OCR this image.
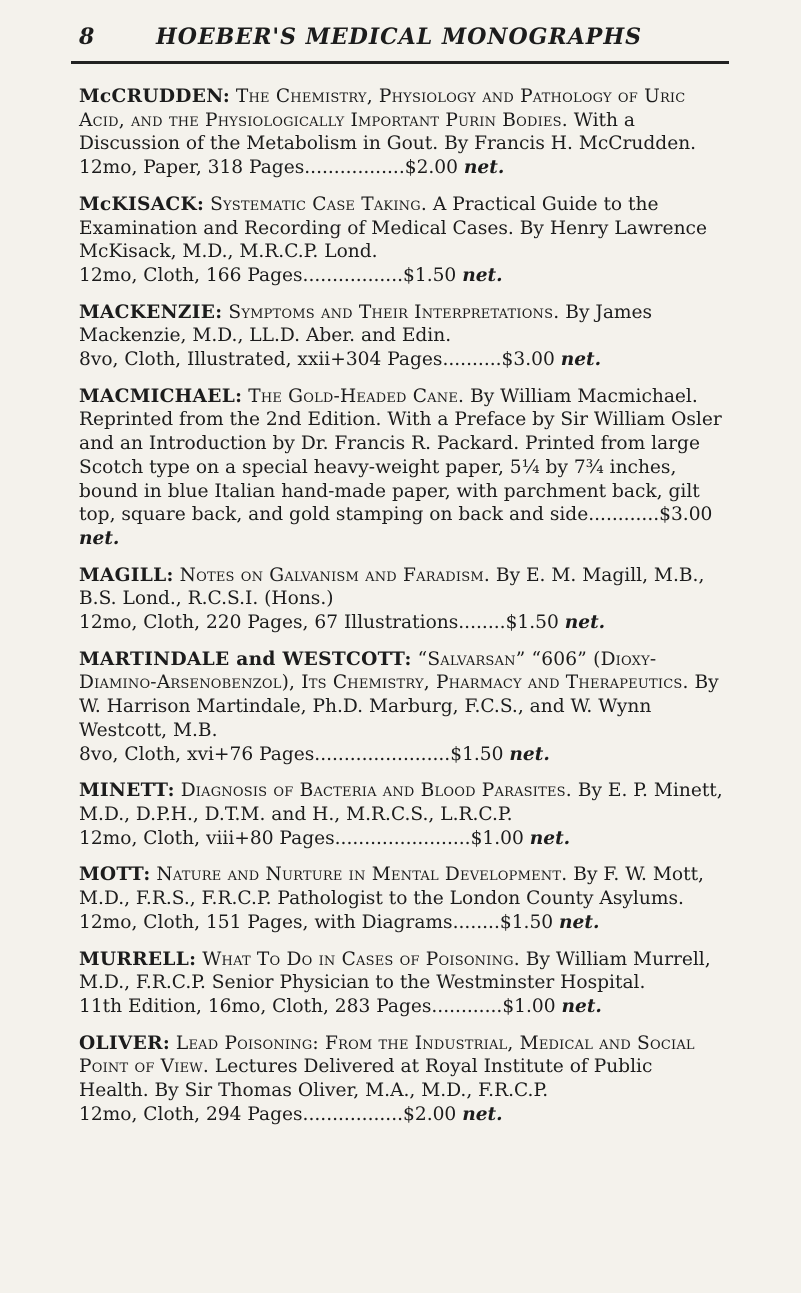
8	HOEBER'S MEDICAL MONOGRAPHS

McCRUDDEN: The Chemistry, Physiology and Pathology of Uric Acid, and the Physiologically Important Purin Bodies. With a Discussion of the Metabolism in Gout. By Francis H. McCrudden.

12mo, Paper, 318 Pages.................$2.00 net.

McKISACK: Systematic Case Taking. A Practical Guide to the Examination and Recording of Medical Cases. By Henry Lawrence McKisack, M.D., M.R.C.P. Lond.

12mo, Cloth, 166 Pages.................$1.50 net.

MACKENZIE: Symptoms and Their Interpretations. By James Mackenzie, M.D., LL.D. Aber. and Edin.

8vo, Cloth, Illustrated, xxii+304 Pages..........$3.00 net.

MACMICHAEL: The Gold-Headed Cane. By William Macmichael. Reprinted from the 2nd Edition. With a Preface by Sir William Osler and an Introduction by Dr. Francis R. Packard. Printed from large Scotch type on a special heavy-weight paper, 5¼ by 7¾ inches, bound in blue Italian hand-made paper, with parchment back, gilt top, square back, and gold stamping on back and side............$3.00 net.

MAGILL: Notes on Galvanism and Faradism. By E. M. Magill, M.B., B.S. Lond., R.C.S.I. (Hons.)

12mo, Cloth, 220 Pages, 67 Illustrations........$1.50 net.

MARTINDALE and WESTCOTT: “Salvarsan” “606” (Dioxy-Diamino-Arsenobenzol), Its Chemistry, Pharmacy and Therapeutics. By W. Harrison Martindale, Ph.D. Marburg, F.C.S., and W. Wynn Westcott, M.B.

8vo, Cloth, xvi+76 Pages.......................$1.50 net.

MINETT: Diagnosis of Bacteria and Blood Parasites. By E. P. Minett, M.D., D.P.H., D.T.M. and H., M.R.C.S., L.R.C.P.

12mo, Cloth, viii+80 Pages.......................$1.00 net.

MOTT: Nature and Nurture in Mental Development. By F. W. Mott, M.D., F.R.S., F.R.C.P. Pathologist to the London County Asylums.

12mo, Cloth, 151 Pages, with Diagrams........$1.50 net.

MURRELL: What To Do in Cases of Poisoning. By William Murrell, M.D., F.R.C.P. Senior Physician to the Westminster Hospital.

11th Edition, 16mo, Cloth, 283 Pages............$1.00 net.

OLIVER: Lead Poisoning: From the Industrial, Medical and Social Point of View. Lectures Delivered at Royal Institute of Public Health. By Sir Thomas Oliver, M.A., M.D., F.R.C.P.

12mo, Cloth, 294 Pages.................$2.00 net.
